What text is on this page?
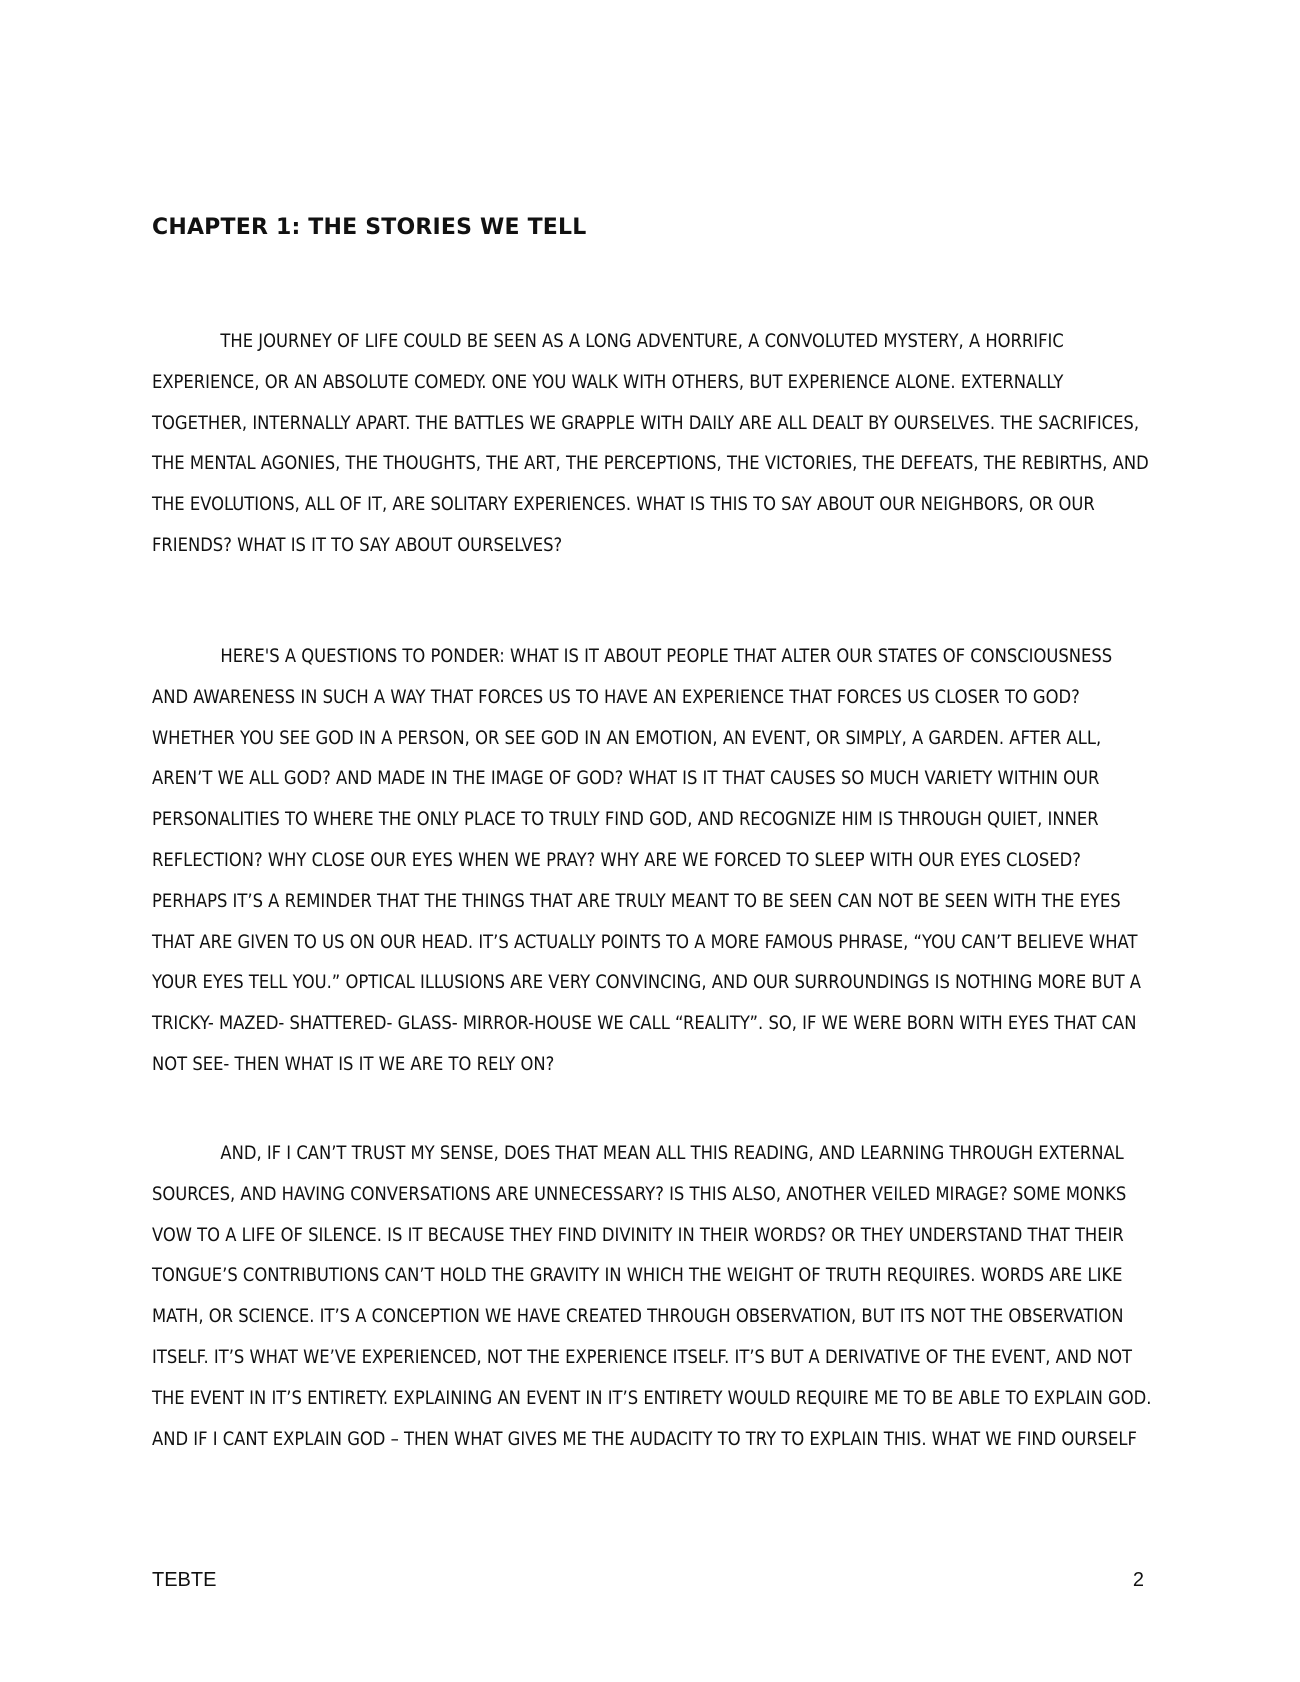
CHAPTER 1: THE STORIES WE TELL

THE JOURNEY OF LIFE COULD BE SEEN AS A LONG ADVENTURE, A CONVOLUTED MYSTERY, A HORRIFIC EXPERIENCE, OR AN ABSOLUTE COMEDY. ONE YOU WALK WITH OTHERS, BUT EXPERIENCE ALONE. EXTERNALLY TOGETHER, INTERNALLY APART. THE BATTLES WE GRAPPLE WITH DAILY ARE ALL DEALT BY OURSELVES. THE SACRIFICES, THE MENTAL AGONIES, THE THOUGHTS, THE ART, THE PERCEPTIONS, THE VICTORIES, THE DEFEATS, THE REBIRTHS, AND THE EVOLUTIONS, ALL OF IT, ARE SOLITARY EXPERIENCES. WHAT IS THIS TO SAY ABOUT OUR NEIGHBORS, OR OUR FRIENDS? WHAT IS IT TO SAY ABOUT OURSELVES?

HERE'S A QUESTIONS TO PONDER: WHAT IS IT ABOUT PEOPLE THAT ALTER OUR STATES OF CONSCIOUSNESS AND AWARENESS IN SUCH A WAY THAT FORCES US TO HAVE AN EXPERIENCE THAT FORCES US CLOSER TO GOD? WHETHER YOU SEE GOD IN A PERSON, OR SEE GOD IN AN EMOTION, AN EVENT, OR SIMPLY, A GARDEN. AFTER ALL, AREN’T WE ALL GOD? AND MADE IN THE IMAGE OF GOD? WHAT IS IT THAT CAUSES SO MUCH VARIETY WITHIN OUR PERSONALITIES TO WHERE THE ONLY PLACE TO TRULY FIND GOD, AND RECOGNIZE HIM IS THROUGH QUIET, INNER REFLECTION? WHY CLOSE OUR EYES WHEN WE PRAY? WHY ARE WE FORCED TO SLEEP WITH OUR EYES CLOSED? PERHAPS IT’S A REMINDER THAT THE THINGS THAT ARE TRULY MEANT TO BE SEEN CAN NOT BE SEEN WITH THE EYES THAT ARE GIVEN TO US ON OUR HEAD. IT’S ACTUALLY POINTS TO A MORE FAMOUS PHRASE, “YOU CAN’T BELIEVE WHAT YOUR EYES TELL YOU.” OPTICAL ILLUSIONS ARE VERY CONVINCING, AND OUR SURROUNDINGS IS NOTHING MORE BUT A TRICKY- MAZED- SHATTERED- GLASS- MIRROR-HOUSE WE CALL “REALITY”. SO, IF WE WERE BORN WITH EYES THAT CAN NOT SEE- THEN WHAT IS IT WE ARE TO RELY ON?

AND, IF I CAN’T TRUST MY SENSE, DOES THAT MEAN ALL THIS READING, AND LEARNING THROUGH EXTERNAL SOURCES, AND HAVING CONVERSATIONS ARE UNNECESSARY? IS THIS ALSO, ANOTHER VEILED MIRAGE? SOME MONKS VOW TO A LIFE OF SILENCE. IS IT BECAUSE THEY FIND DIVINITY IN THEIR WORDS? OR THEY UNDERSTAND THAT THEIR TONGUE’S CONTRIBUTIONS CAN’T HOLD THE GRAVITY IN WHICH THE WEIGHT OF TRUTH REQUIRES. WORDS ARE LIKE MATH, OR SCIENCE. IT’S A CONCEPTION WE HAVE CREATED THROUGH OBSERVATION, BUT ITS NOT THE OBSERVATION ITSELF. IT’S WHAT WE’VE EXPERIENCED, NOT THE EXPERIENCE ITSELF. IT’S BUT A DERIVATIVE OF THE EVENT, AND NOT THE EVENT IN IT’S ENTIRETY. EXPLAINING AN EVENT IN IT’S ENTIRETY WOULD REQUIRE ME TO BE ABLE TO EXPLAIN GOD. AND IF I CANT EXPLAIN GOD – THEN WHAT GIVES ME THE AUDACITY TO TRY TO EXPLAIN THIS. WHAT WE FIND OURSELF

TEBTE	2
